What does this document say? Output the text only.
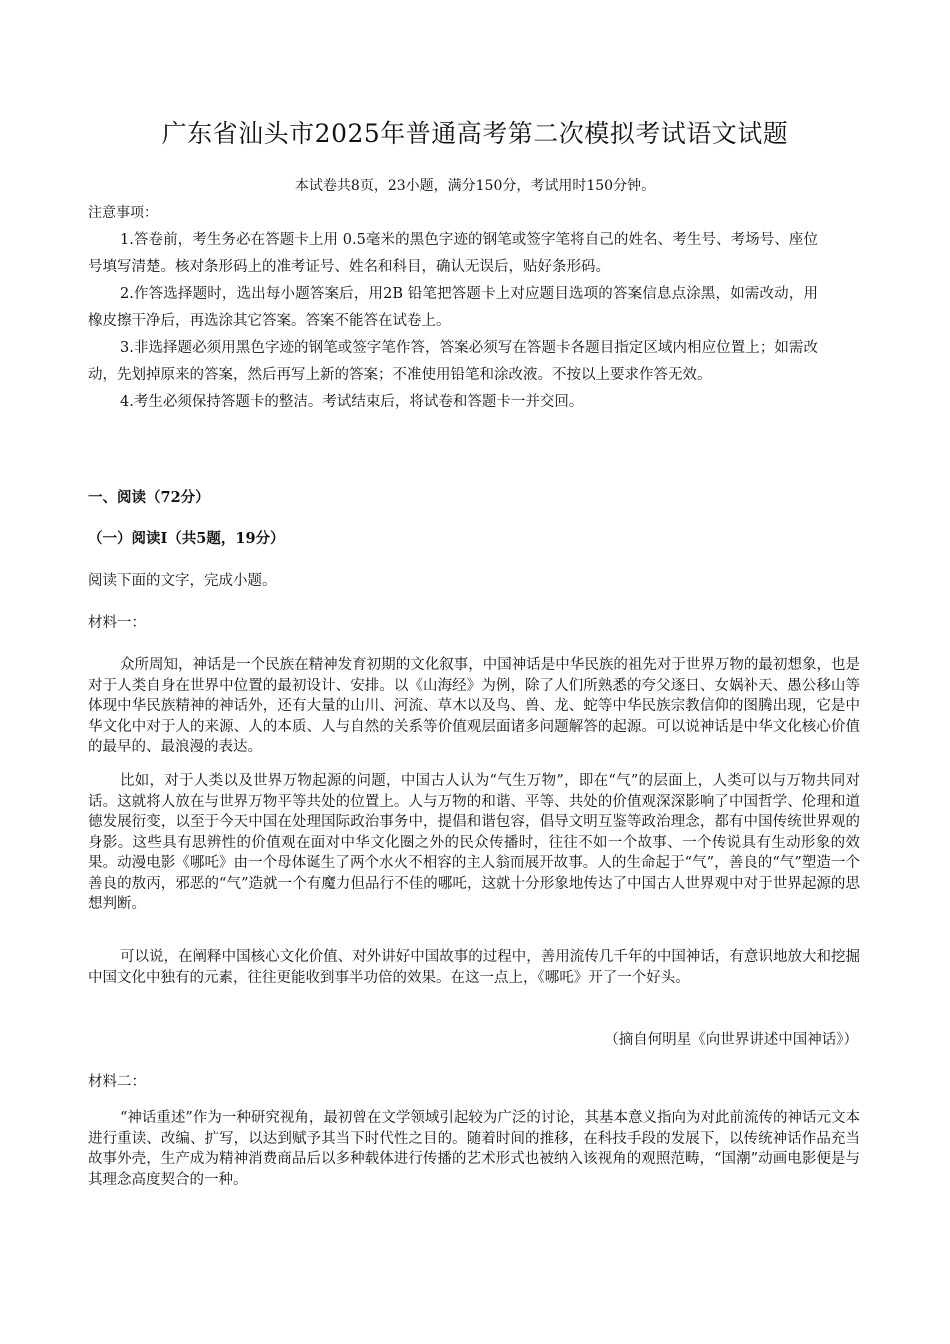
广东省汕头市2025年普通高考第二次模拟考试语文试题
本试卷共8页，23小题，满分150分，考试用时150分钟。
注意事项：

1.答卷前，考生务必在答题卡上用 0.5毫米的黑色字迹的钢笔或签字笔将自己的姓名、考生号、考场号、座位号填写清楚。核对条形码上的准考证号、姓名和科目，确认无误后，贴好条形码。

2.作答选择题时，选出每小题答案后，用2B 铅笔把答题卡上对应题目选项的答案信息点涂黑，如需改动，用橡皮擦干净后，再选涂其它答案。答案不能答在试卷上。

3.非选择题必须用黑色字迹的钢笔或签字笔作答，答案必须写在答题卡各题目指定区域内相应位置上；如需改动，先划掉原来的答案，然后再写上新的答案；不准使用铅笔和涂改液。不按以上要求作答无效。

4.考生必须保持答题卡的整洁。考试结束后，将试卷和答题卡一并交回。

一、阅读（72分）
（一）阅读Ⅰ（共5题，19分）
阅读下面的文字，完成小题。
材料一：

众所周知，神话是一个民族在精神发育初期的文化叙事，中国神话是中华民族的祖先对于世界万物的最初想象，也是对于人类自身在世界中位置的最初设计、安排。以《山海经》为例，除了人们所熟悉的夸父逐日、女娲补天、愚公移山等体现中华民族精神的神话外，还有大量的山川、河流、草木以及鸟、兽、龙、蛇等中华民族宗教信仰的图腾出现，它是中华文化中对于人的来源、人的本质、人与自然的关系等价值观层面诸多问题解答的起源。可以说神话是中华文化核心价值的最早的、最浪漫的表达。

比如，对于人类以及世界万物起源的问题，中国古人认为“气生万物”，即在“气”的层面上，人类可以与万物共同对话。这就将人放在与世界万物平等共处的位置上。人与万物的和谐、平等、共处的价值观深深影响了中国哲学、伦理和道德发展衍变，以至于今天中国在处理国际政治事务中，提倡和谐包容，倡导文明互鉴等政治理念，都有中国传统世界观的身影。这些具有思辨性的价值观在面对中华文化圈之外的民众传播时，往往不如一个故事、一个传说具有生动形象的效果。动漫电影《哪吒》由一个母体诞生了两个水火不相容的主人翁而展开故事。人的生命起于“气”，善良的“气”塑造一个善良的敖丙，邪恶的“气”造就一个有魔力但品行不佳的哪吒，这就十分形象地传达了中国古人世界观中对于世界起源的思想判断。

可以说，在阐释中国核心文化价值、对外讲好中国故事的过程中，善用流传几千年的中国神话，有意识地放大和挖掘中国文化中独有的元素，往往更能收到事半功倍的效果。在这一点上，《哪吒》开了一个好头。

（摘自何明星《向世界讲述中国神话》）
材料二：

“神话重述”作为一种研究视角，最初曾在文学领域引起较为广泛的讨论，其基本意义指向为对此前流传的神话元文本进行重读、改编、扩写，以达到赋予其当下时代性之目的。随着时间的推移，在科技手段的发展下，以传统神话作品充当故事外壳，生产成为精神消费商品后以多种载体进行传播的艺术形式也被纳入该视角的观照范畴，“国潮”动画电影便是与其理念高度契合的一种。
